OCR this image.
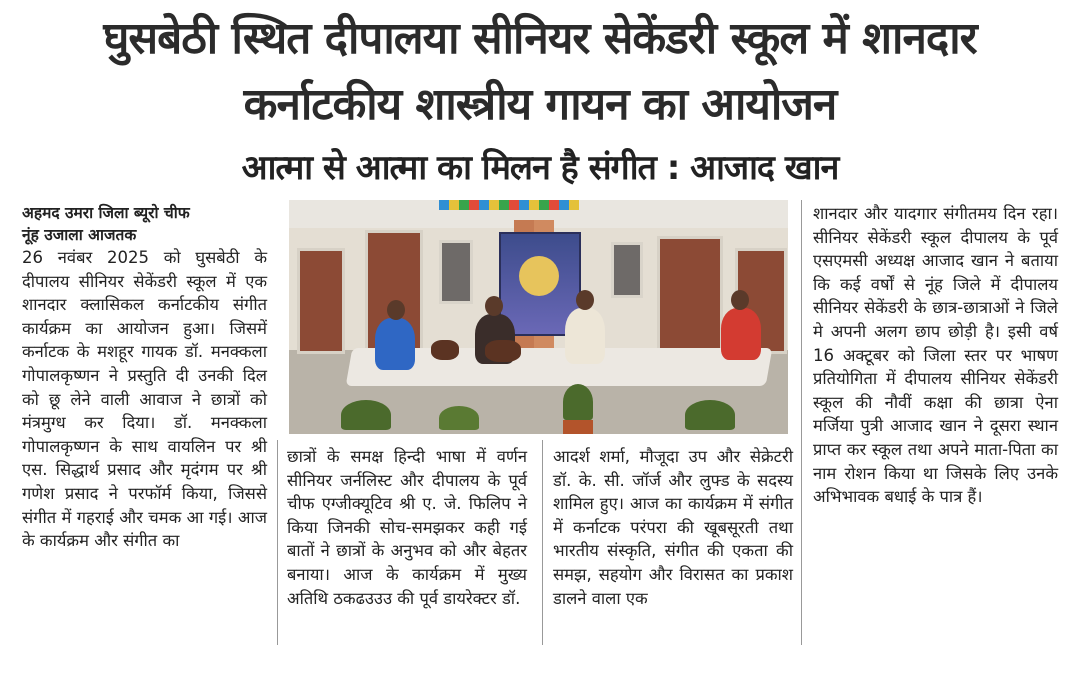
घुसबेठी स्थित दीपालया सीनियर सेकेंडरी स्कूल में शानदार
कर्नाटकीय शास्त्रीय गायन का आयोजन
आत्मा से आत्मा का मिलन है संगीत : आजाद खान

अहमद उमरा जिला ब्यूरो चीफ

नूंह उजाला आजतक

26 नवंबर 2025 को घुसबेठी के दीपालय सीनियर सेकेंडरी स्कूल में एक शानदार क्लासिकल कर्नाटकीय संगीत कार्यक्रम का आयोजन हुआ। जिसमें कर्नाटक के मशहूर गायक डॉ. मनक्कला गोपालकृष्णन ने प्रस्तुति दी उनकी दिल को छू लेने वाली आवाज ने छात्रों को मंत्रमुग्ध कर दिया। डॉ. मनक्कला गोपालकृष्णन के साथ वायलिन पर श्री एस. सिद्धार्थ प्रसाद और मृदंगम पर श्री गणेश प्रसाद ने परफॉर्म किया, जिससे संगीत में गहराई और चमक आ गई। आज के कार्यक्रम और संगीत का

छात्रों के समक्ष हिन्दी भाषा में वर्णन सीनियर जर्नलिस्ट और दीपालय के पूर्व चीफ एग्जीक्यूटिव श्री ए. जे. फिलिप ने किया जिनकी सोच-समझकर कही गई बातों ने छात्रों के अनुभव को और बेहतर बनाया। आज के कार्यक्रम में मुख्य अतिथि ठकढउउउ की पूर्व डायरेक्टर डॉ.

आदर्श शर्मा, मौजूदा उप और सेक्रेटरी डॉ. के. सी. जॉर्ज और लुफ्ड के सदस्य शामिल हुए। आज का कार्यक्रम में संगीत में कर्नाटक परंपरा की खूबसूरती तथा भारतीय संस्कृति, संगीत की एकता की समझ, सहयोग और विरासत का प्रकाश डालने वाला एक

शानदार और यादगार संगीतमय दिन रहा। सीनियर सेकेंडरी स्कूल दीपालय के पूर्व एसएमसी अध्यक्ष आजाद खान ने बताया कि कई वर्षों से नूंह जिले में दीपालय सीनियर सेकेंडरी के छात्र-छात्राओं ने जिले मे अपनी अलग छाप छोड़ी है। इसी वर्ष 16 अक्टूबर को जिला स्तर पर भाषण प्रतियोगिता में दीपालय सीनियर सेकेंडरी स्कूल की नौवीं कक्षा की छात्रा ऐना मर्जिया पुत्री आजाद खान ने दूसरा स्थान प्राप्त कर स्कूल तथा अपने माता-पिता का नाम रोशन किया था जिसके लिए उनके अभिभावक बधाई के पात्र हैं।
